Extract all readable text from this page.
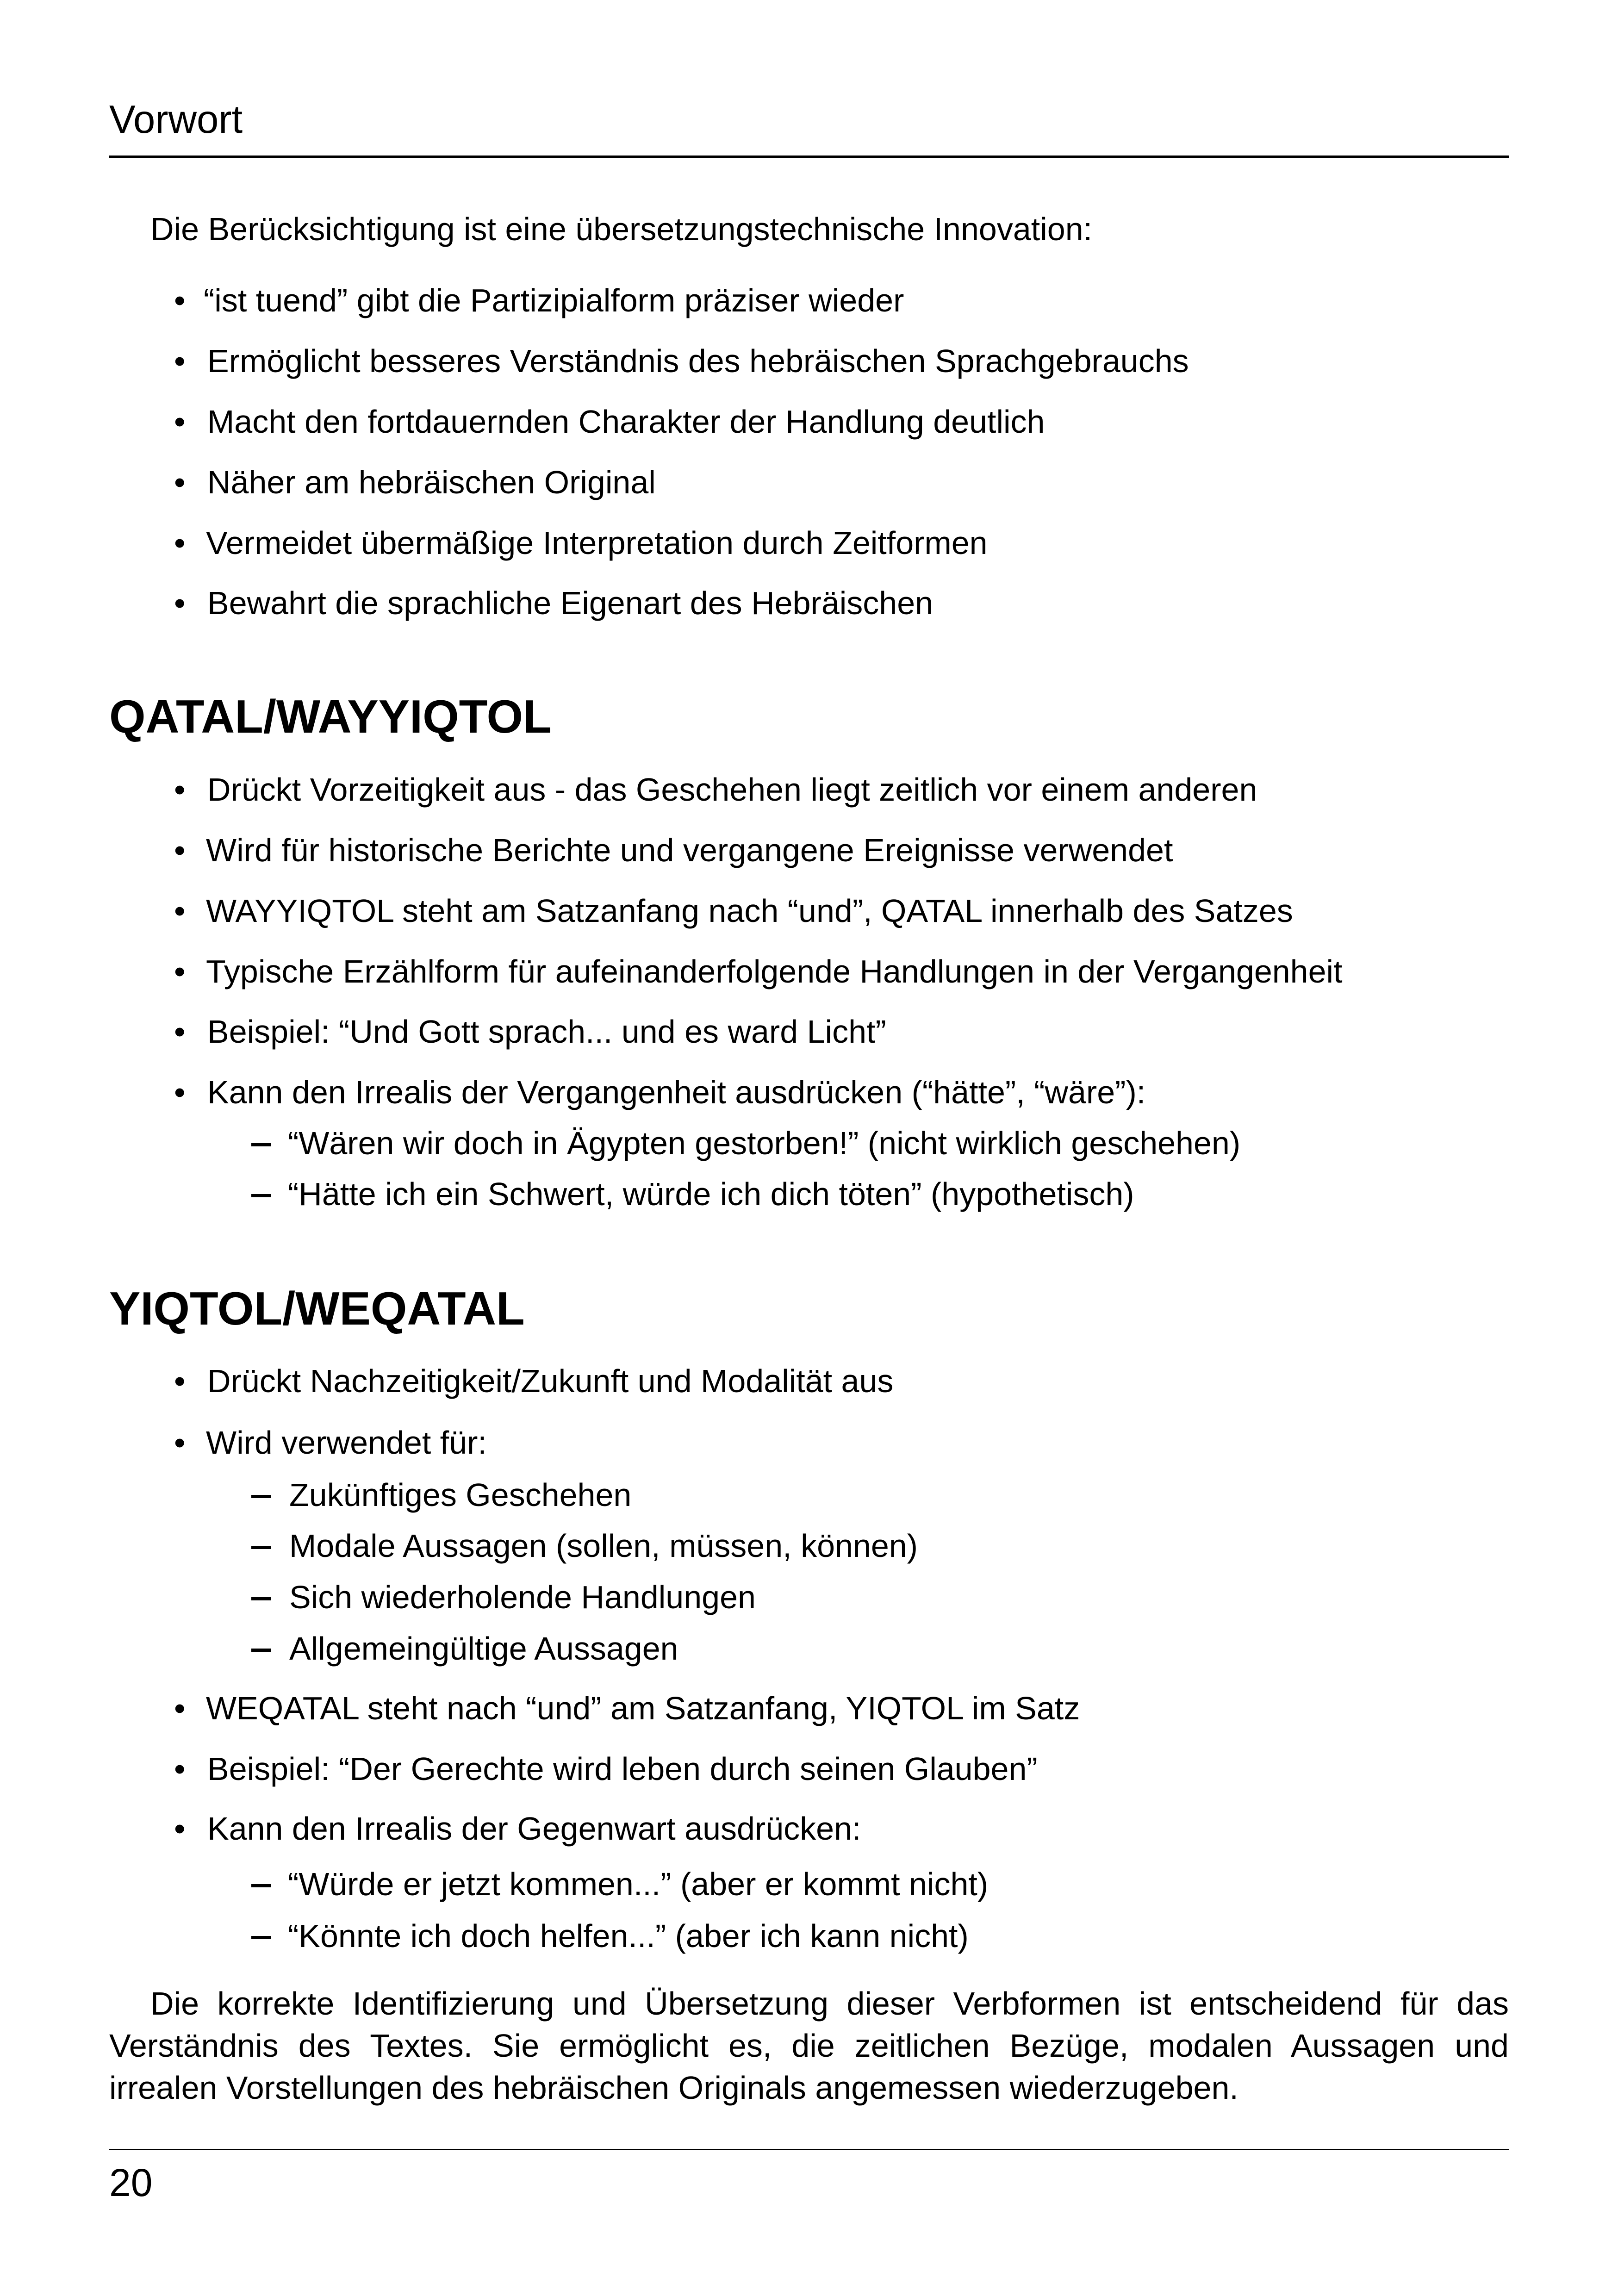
Vorwort
Die Berücksichtigung ist eine übersetzungstechnische Innovation:
• “ist tuend” gibt die Partizipialform präziser wieder
• Ermöglicht besseres Verständnis des hebräischen Sprachgebrauchs
• Macht den fortdauernden Charakter der Handlung deutlich
• Näher am hebräischen Original
• Vermeidet übermäßige Interpretation durch Zeitformen
• Bewahrt die sprachliche Eigenart des Hebräischen
QATAL/WAYYIQTOL
• Drückt Vorzeitigkeit aus - das Geschehen liegt zeitlich vor einem anderen
• Wird für historische Berichte und vergangene Ereignisse verwendet
• WAYYIQTOL steht am Satzanfang nach “und”, QATAL innerhalb des Satzes
• Typische Erzählform für aufeinanderfolgende Handlungen in der Vergangenheit
• Beispiel: “Und Gott sprach... und es ward Licht”
• Kann den Irrealis der Vergangenheit ausdrücken (“hätte”, “wäre”):
“Wären wir doch in Ägypten gestorben!” (nicht wirklich geschehen)
“Hätte ich ein Schwert, würde ich dich töten” (hypothetisch)
YIQTOL/WEQATAL
• Drückt Nachzeitigkeit/Zukunft und Modalität aus
• Wird verwendet für:
Zukünftiges Geschehen
Modale Aussagen (sollen, müssen, können)
Sich wiederholende Handlungen
Allgemeingültige Aussagen
• WEQATAL steht nach “und” am Satzanfang, YIQTOL im Satz
• Beispiel: “Der Gerechte wird leben durch seinen Glauben”
• Kann den Irrealis der Gegenwart ausdrücken:
“Würde er jetzt kommen...” (aber er kommt nicht)
“Könnte ich doch helfen...” (aber ich kann nicht)
Die korrekte Identifizierung und Übersetzung dieser Verbformen ist entscheidend für das
Verständnis des Textes. Sie ermöglicht es, die zeitlichen Bezüge, modalen Aussagen und
irrealen Vorstellungen des hebräischen Originals angemessen wiederzugeben.
20
